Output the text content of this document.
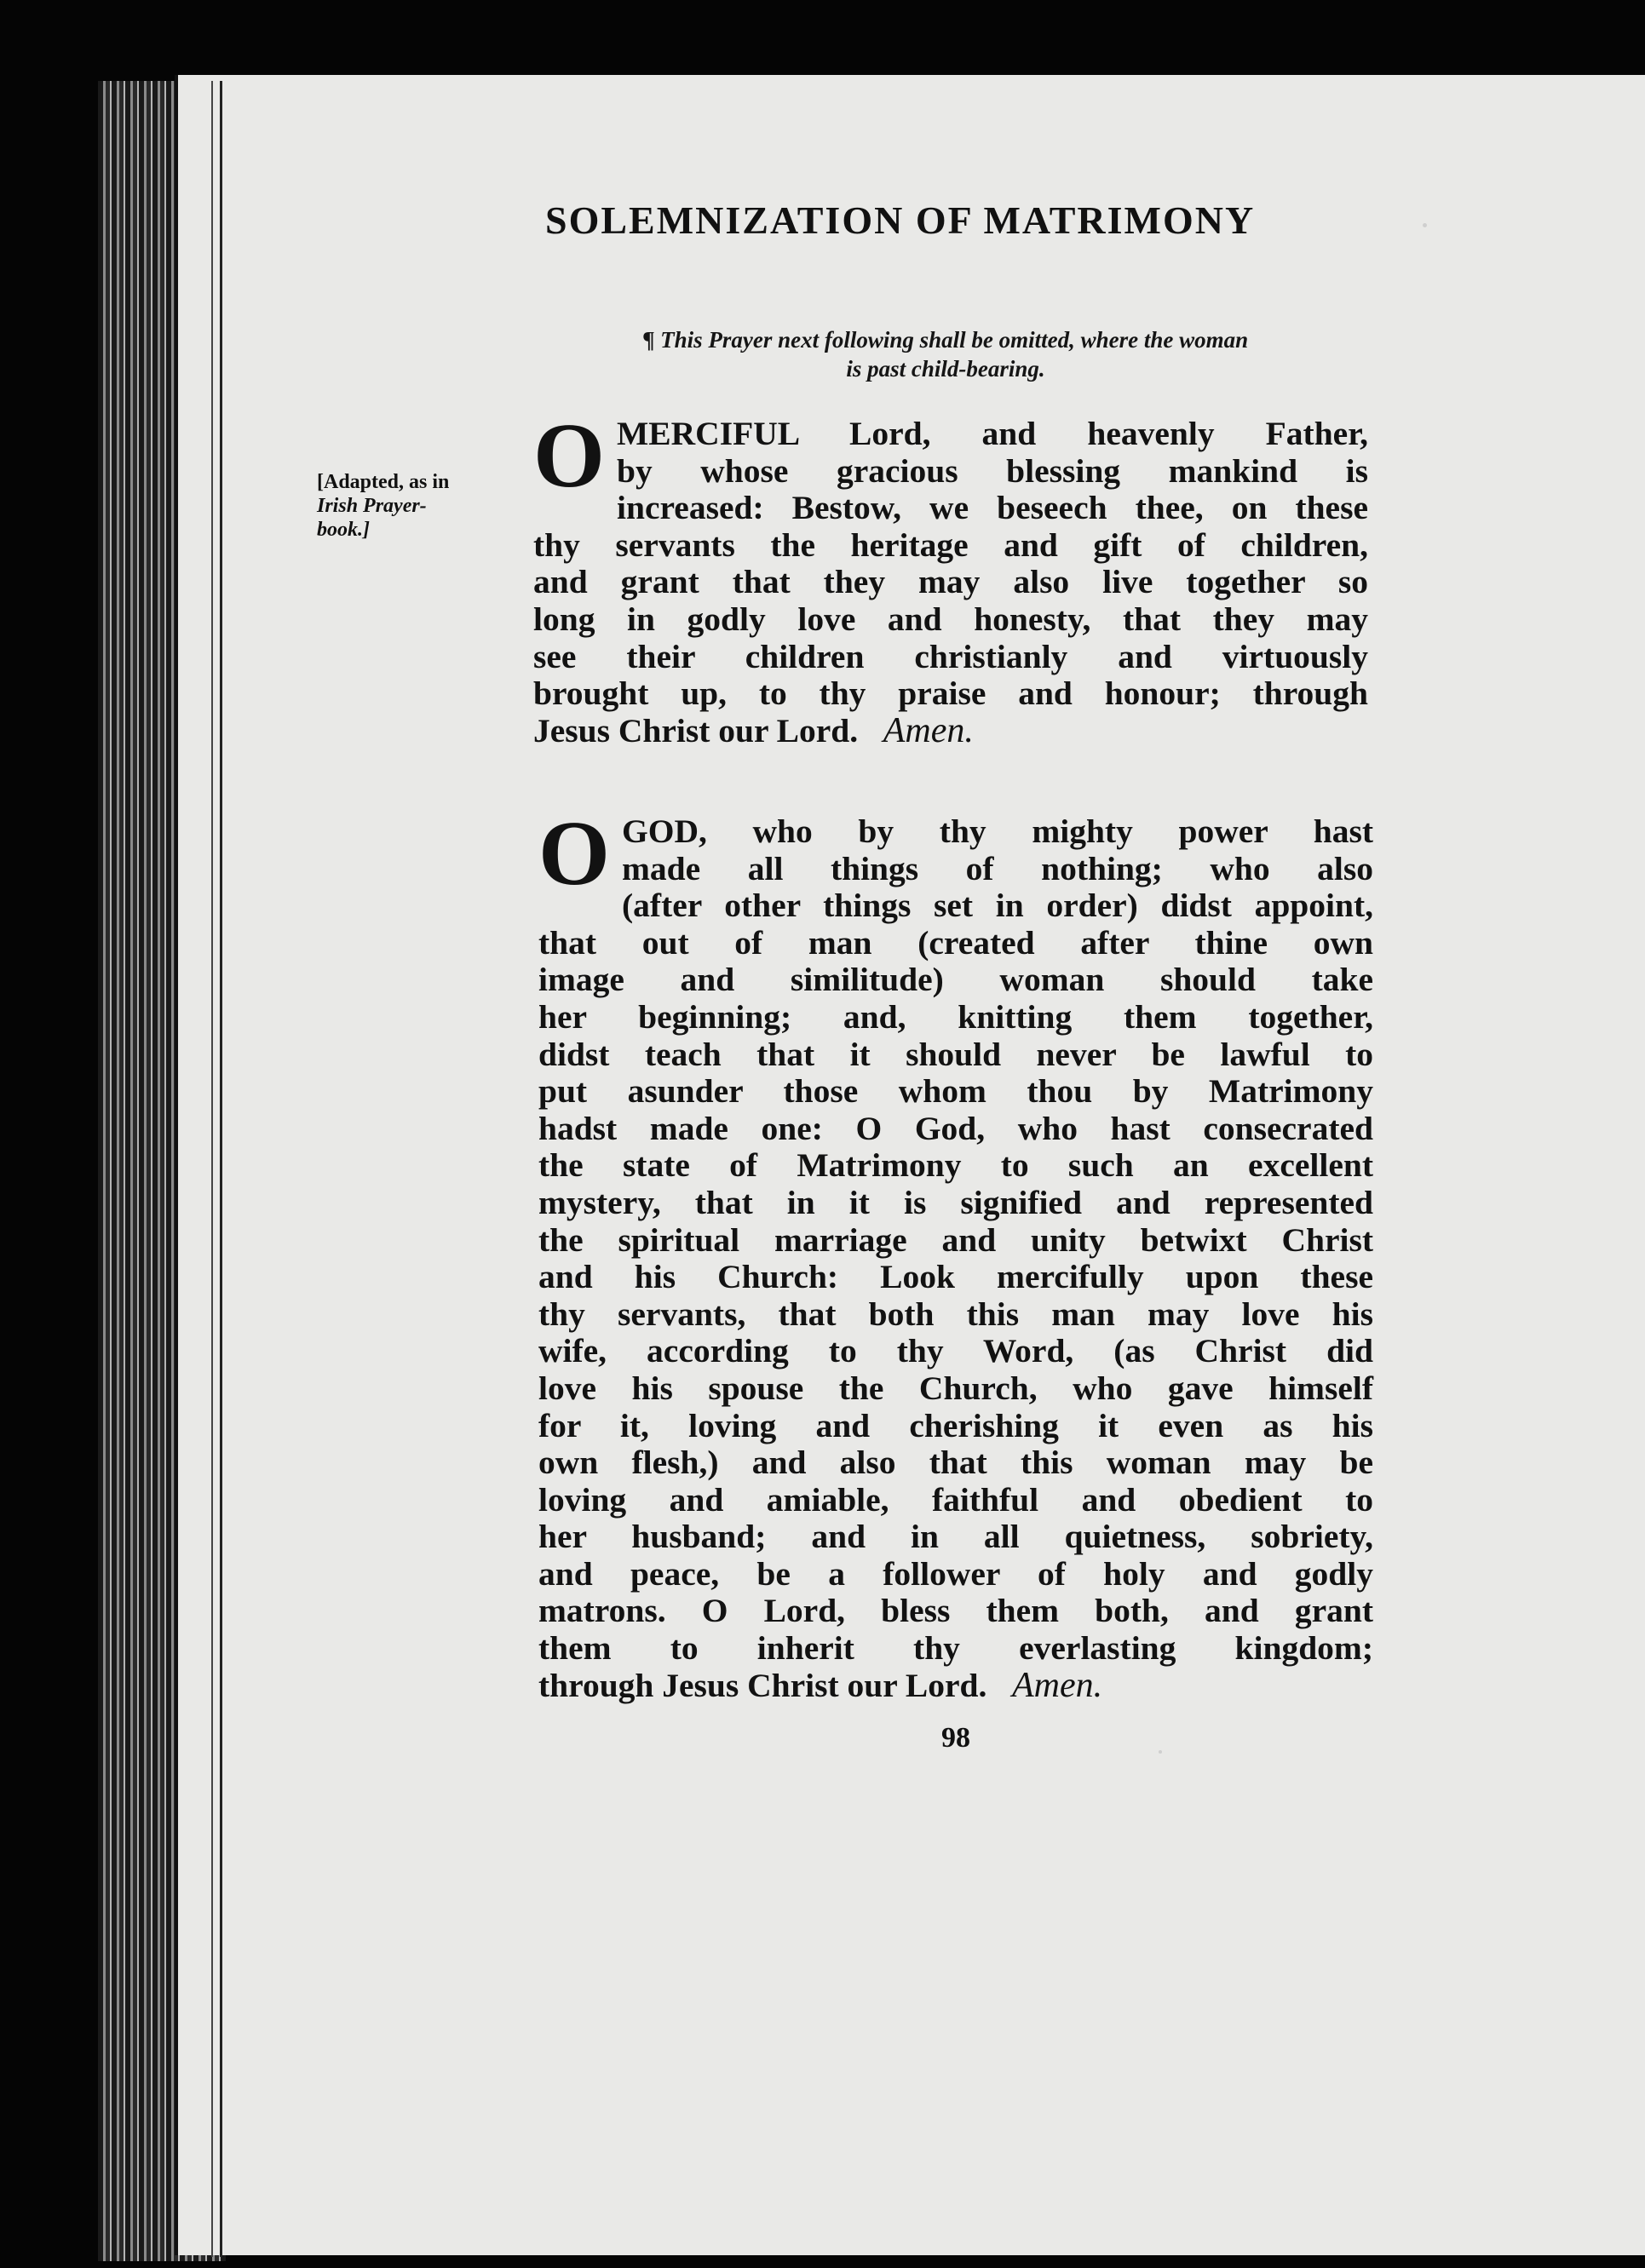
SOLEMNIZATION OF MATRIMONY
¶ This Prayer next following shall be omitted, where the woman
is past child-bearing.
[Adapted, as in
Irish Prayer-
book.]
O MERCIFUL Lord, and heavenly Father,
by whose gracious blessing mankind is
increased: Bestow, we beseech thee, on these
thy servants the heritage and gift of children,
and grant that they may also live together so
long in godly love and honesty, that they may
see their children christianly and virtuously
brought up, to thy praise and honour; through
Jesus Christ our Lord. Amen.
O GOD, who by thy mighty power hast
made all things of nothing; who also
(after other things set in order) didst appoint,
that out of man (created after thine own
image and similitude) woman should take
her beginning; and, knitting them together,
didst teach that it should never be lawful to
put asunder those whom thou by Matrimony
hadst made one: O God, who hast consecrated
the state of Matrimony to such an excellent
mystery, that in it is signified and represented
the spiritual marriage and unity betwixt Christ
and his Church: Look mercifully upon these
thy servants, that both this man may love his
wife, according to thy Word, (as Christ did
love his spouse the Church, who gave himself
for it, loving and cherishing it even as his
own flesh,) and also that this woman may be
loving and amiable, faithful and obedient to
her husband; and in all quietness, sobriety,
and peace, be a follower of holy and godly
matrons. O Lord, bless them both, and grant
them to inherit thy everlasting kingdom;
through Jesus Christ our Lord. Amen.
98
